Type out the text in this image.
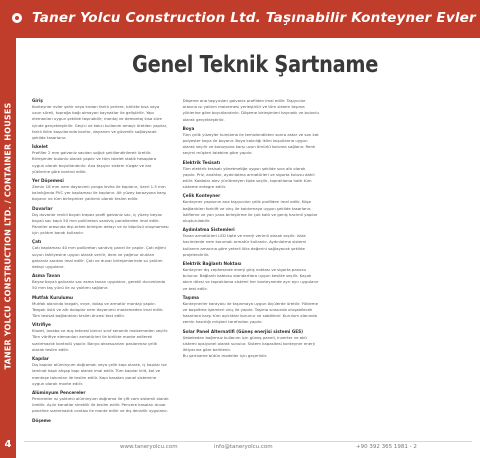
Taner Yolcu Construction Ltd. Taşınabilir Konteyner Evler
TANER YOLCU CONSTRUCTION LTD. / CONTAINER HOUSES
4
Genel Teknik Şartname
Giriş

Konteyner evler şehir veya kırdan farklı yerlere, birlikte kısa veya uzun süreli, toprağa bağı olmayan kaynaklar ile geliştirilir. Yapı elemanları uygun şekilde taşınabilir; montaj ve demontaj kısa süre içinde gerçekleştirilir. Geçici ve kalıcı kullanım amaçlı üretilen yapılar, farklı iklim koşullarında konfor, dayanım ve güvenlik sağlayacak şekilde tasarlanır.

İskelet

Profiller 2 mm galvaniz sacdan soğuk şekillendirilerek üretilir. Birleşimler bulonlu olarak yapılır ve tüm iskelet statik hesaplara uygun olarak boyutlandırılır. Ana taşıyıcı sistem rüzgar ve kar yüklerine göre kontrol edilir.

Yer Döşemesi

Zemin 18 mm nem dayanımlı yonga levha ile kaplanır, üzeri 1.5 mm kalınlığında PVC yer kaplaması ile kaplanır. Alt yüzey korozyona karşı boyanır ve tüm birleşimler yalıtımlı olarak teslim edilir.

Duvarlar

Dış duvarlar renkli boyalı trapez profil galvaniz sac, iç yüzey beyaz boyalı sac kaplı 50 mm poliüretan sandviç panellerden imal edilir. Paneller arasında dişi-erkek birleşim detayı ve ısı köprüsü oluşmaması için yalıtım bandı kullanılır.

Çatı

Çatı kaplaması 40 mm poliüretan sandviç panel ile yapılır. Çatı eğimi suyun tahliyesine uygun olarak verilir, dere ve yağmur olukları galvaniz sacdan imal edilir. Çatı ve duvar birleşimlerinde su yalıtım detayı uygulanır.

Asma Tavan

Beyaz boyalı galvaniz sac asma tavan uygulanır, gerekli durumlarda 50 mm taş yünü ile ısı yalıtımı sağlanır.

Mutfak Kurulumu

Mutfak alanında tezgah, evye, dolap ve armatür montajı yapılır. Tezgah üstü ve altı dolaplar nem dayanımlı malzemeden imal edilir. Tüm tesisat bağlantıları teslim öncesi test edilir.

Vitrifiye

Klozet, lavabo ve duş teknesi birinci sınıf seramik malzemeden seçilir. Tüm vitrifiye elemanları armatürleri ile birlikte monte edilerek sızdırmazlık kontrolü yapılır. Banyo aksesuarları paslanmaz çelik olarak teslim edilir.

Kapılar

Dış kapılar alüminyum doğramalı veya çelik kapı olarak, iç kapılar ise laminat kaplı ahşap kapı olarak imal edilir. Tüm kapılar kilit, kol ve menteşe takımları ile teslim edilir. Kapı kasaları panel sistemine uygun olarak monte edilir.

Alüminyum Pencereler

Pencereler ısı yalıtımlı alüminyum doğrama ile çift cam sistemli olarak üretilir. Açılır kanatlar sineklik ile teslim edilir. Pencere kasaları duvar paneline sızdırmazlık contası ile monte edilir ve dış denizlik uygulanır.

Döşeme

Döşeme ana taşıyıcıları galvaniz profilden imal edilir. Taşıyıcılar arasına ısı yalıtım malzemesi yerleştirilir ve tüm sistem taşıma yüklerine göre boyutlandırılır. Döşeme birleşimleri kaynaklı ve bulonlu olarak gerçekleştirilir.

Boya

Tüm çelik yüzeyler kumlama ile temizlendikten sonra astar ve son kat polyester boya ile boyanır. Boya kalınlığı iklim koşullarına uygun olarak seçilir ve korozyona karşı uzun ömürlü koruma sağlanır. Renk seçimi müşteri talebine göre yapılır.

Elektrik Tesisatı

Tüm elektrik tesisatı yönetmeliğe uygun şekilde sıva altı olarak yapılır. Priz, anahtar, aydınlatma armatürleri ve sigorta kutusu dahil edilir. Kablolar alev yürütmeyen tipte seçilir, topraklama hattı tüm sisteme entegre edilir.

Çelik Konteyner

Konteyner yapısının ana taşıyıcıları çelik profilden imal edilir. Köşe bağlantıları forklift ve vinç ile kaldırmaya uygun şekilde tasarlanır. İstifleme ve yan yana birleştirme ile çok katlı ve geniş hacimli yapılar oluşturulabilir.

Aydınlatma Sistemleri

Tavan armatürleri LED tipte ve enerji verimli olarak seçilir. Islak hacimlerde nem korumalı armatür kullanılır. Aydınlatma sistemi kullanım amacına göre yeterli lüks değerini sağlayacak şekilde projelendirilir.

Elektrik Bağlantı Noktası

Konteyner dış cephesinde enerji giriş noktası ve sigorta panosu bulunur. Bağlantı kablosu standartlara uygun kesitte seçilir. Kaçak akım rölesi ve topraklama sistemi her konteynerde ayrı ayrı uygulanır ve test edilir.

Taşıma

Konteynerler karayolu ile taşınmaya uygun ölçülerde üretilir. Yükleme ve boşaltma işlemleri vinç ile yapılır. Taşıma sırasında oluşabilecek hasarlara karşı tüm açıklıklar korunur ve sabitlenir. Kurulum alanında zemin hazırlığı müşteri tarafından yapılır.

Solar Panel Alternatifi (Güneş enerjisi sistemi GES)

Şebekeden bağımsız kullanım için güneş paneli, inverter ve akü sistemi opsiyonel olarak sunulur. Sistem kapasitesi konteyner enerji ihtiyacına göre belirlenir.

Bu şartname bütün modeller için geçerlidir.

www.taneryolcu.com	info@taneryolcu.com	+90 392 365 1981 - 2
